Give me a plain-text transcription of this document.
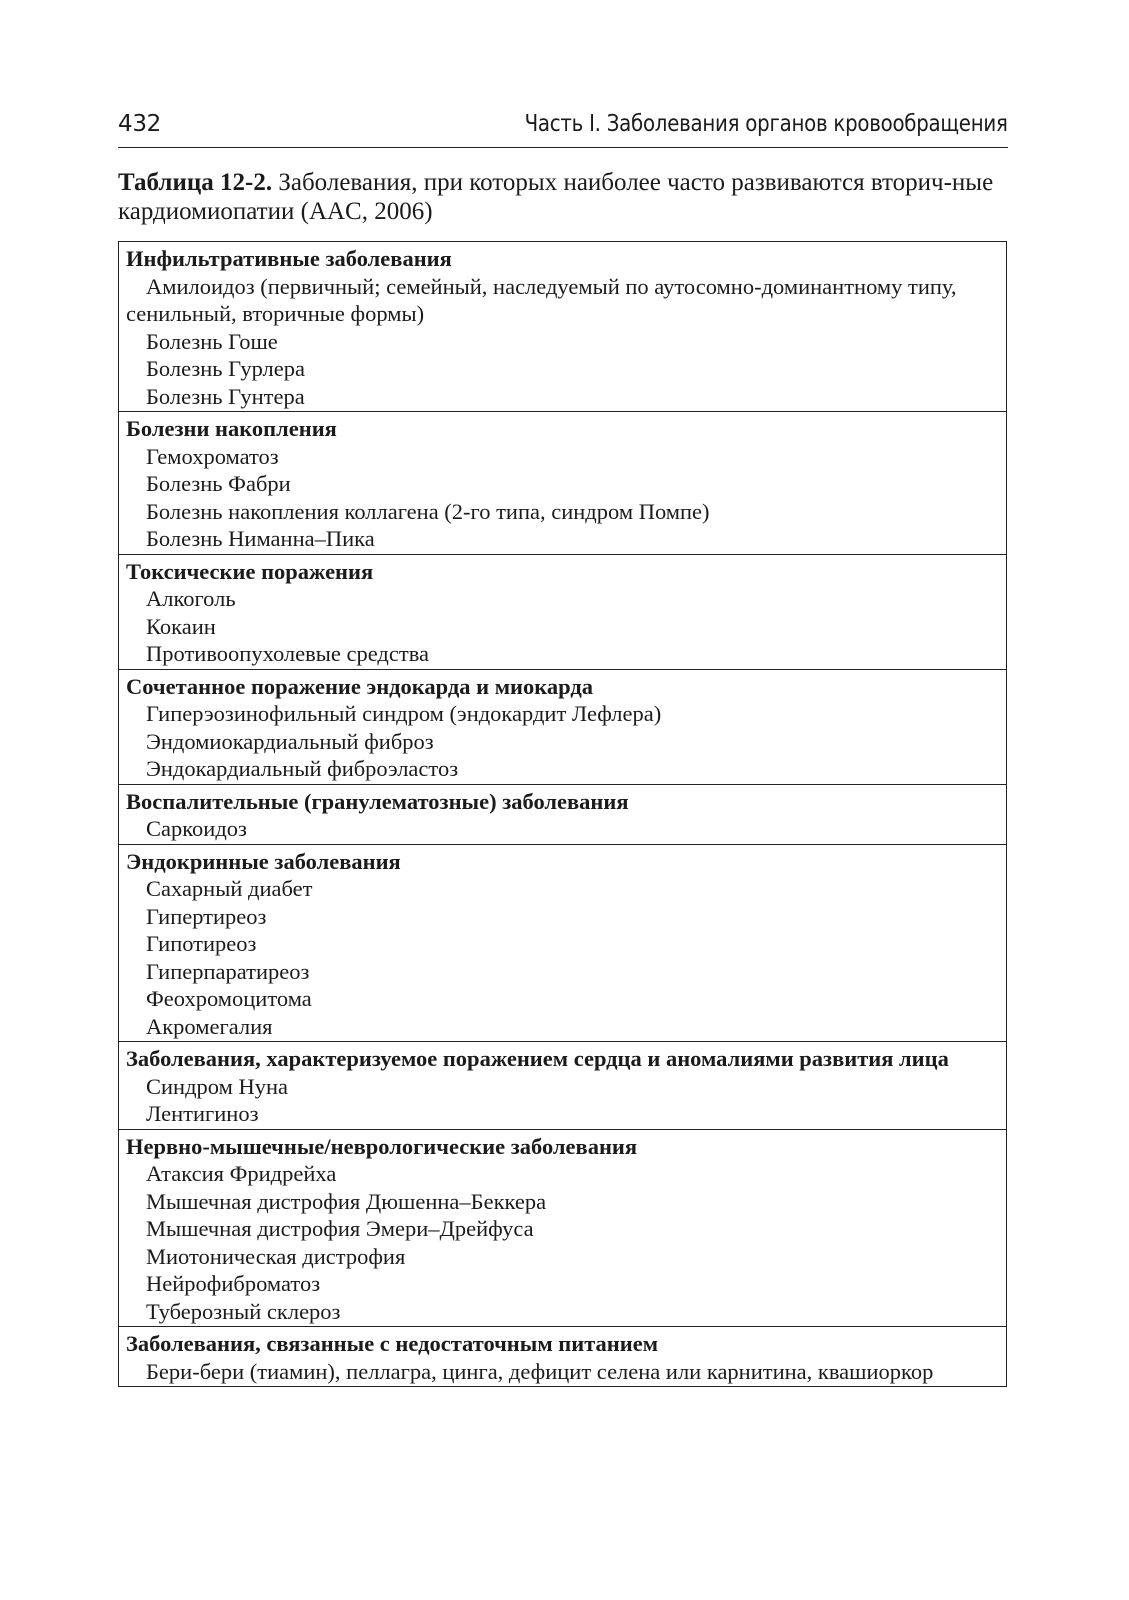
432	Часть I. Заболевания органов кровообращения
Таблица 12-2. Заболевания, при которых наиболее часто развиваются вторич-ные кардиомиопатии (AAC, 2006)
Инфильтративные заболевания
Амилоидоз (первичный; семейный, наследуемый по аутосомно-доминантному типу, сенильный, вторичные формы)
Болезнь Гоше
Болезнь Гурлера
Болезнь Гунтера
Болезни накопления
Гемохроматоз
Болезнь Фабри
Болезнь накопления коллагена (2-го типа, синдром Помпе)
Болезнь Ниманна–Пика
Токсические поражения
Алкоголь
Кокаин
Противоопухолевые средства
Сочетанное поражение эндокарда и миокарда
Гиперэозинофильный синдром (эндокардит Лефлера)
Эндомиокардиальный фиброз
Эндокардиальный фиброэластоз
Воспалительные (гранулематозные) заболевания
Саркоидоз
Эндокринные заболевания
Сахарный диабет
Гипертиреоз
Гипотиреоз
Гиперпаратиреоз
Феохромоцитома
Акромегалия
Заболевания, характеризуемое поражением сердца и аномалиями развития лица
Синдром Нуна
Лентигиноз
Нервно-мышечные/неврологические заболевания
Атаксия Фридрейха
Мышечная дистрофия Дюшенна–Беккера
Мышечная дистрофия Эмери–Дрейфуса
Миотоническая дистрофия
Нейрофиброматоз
Туберозный склероз
Заболевания, связанные с недостаточным питанием
Бери-бери (тиамин), пеллагра, цинга, дефицит селена или карнитина, квашиоркор
